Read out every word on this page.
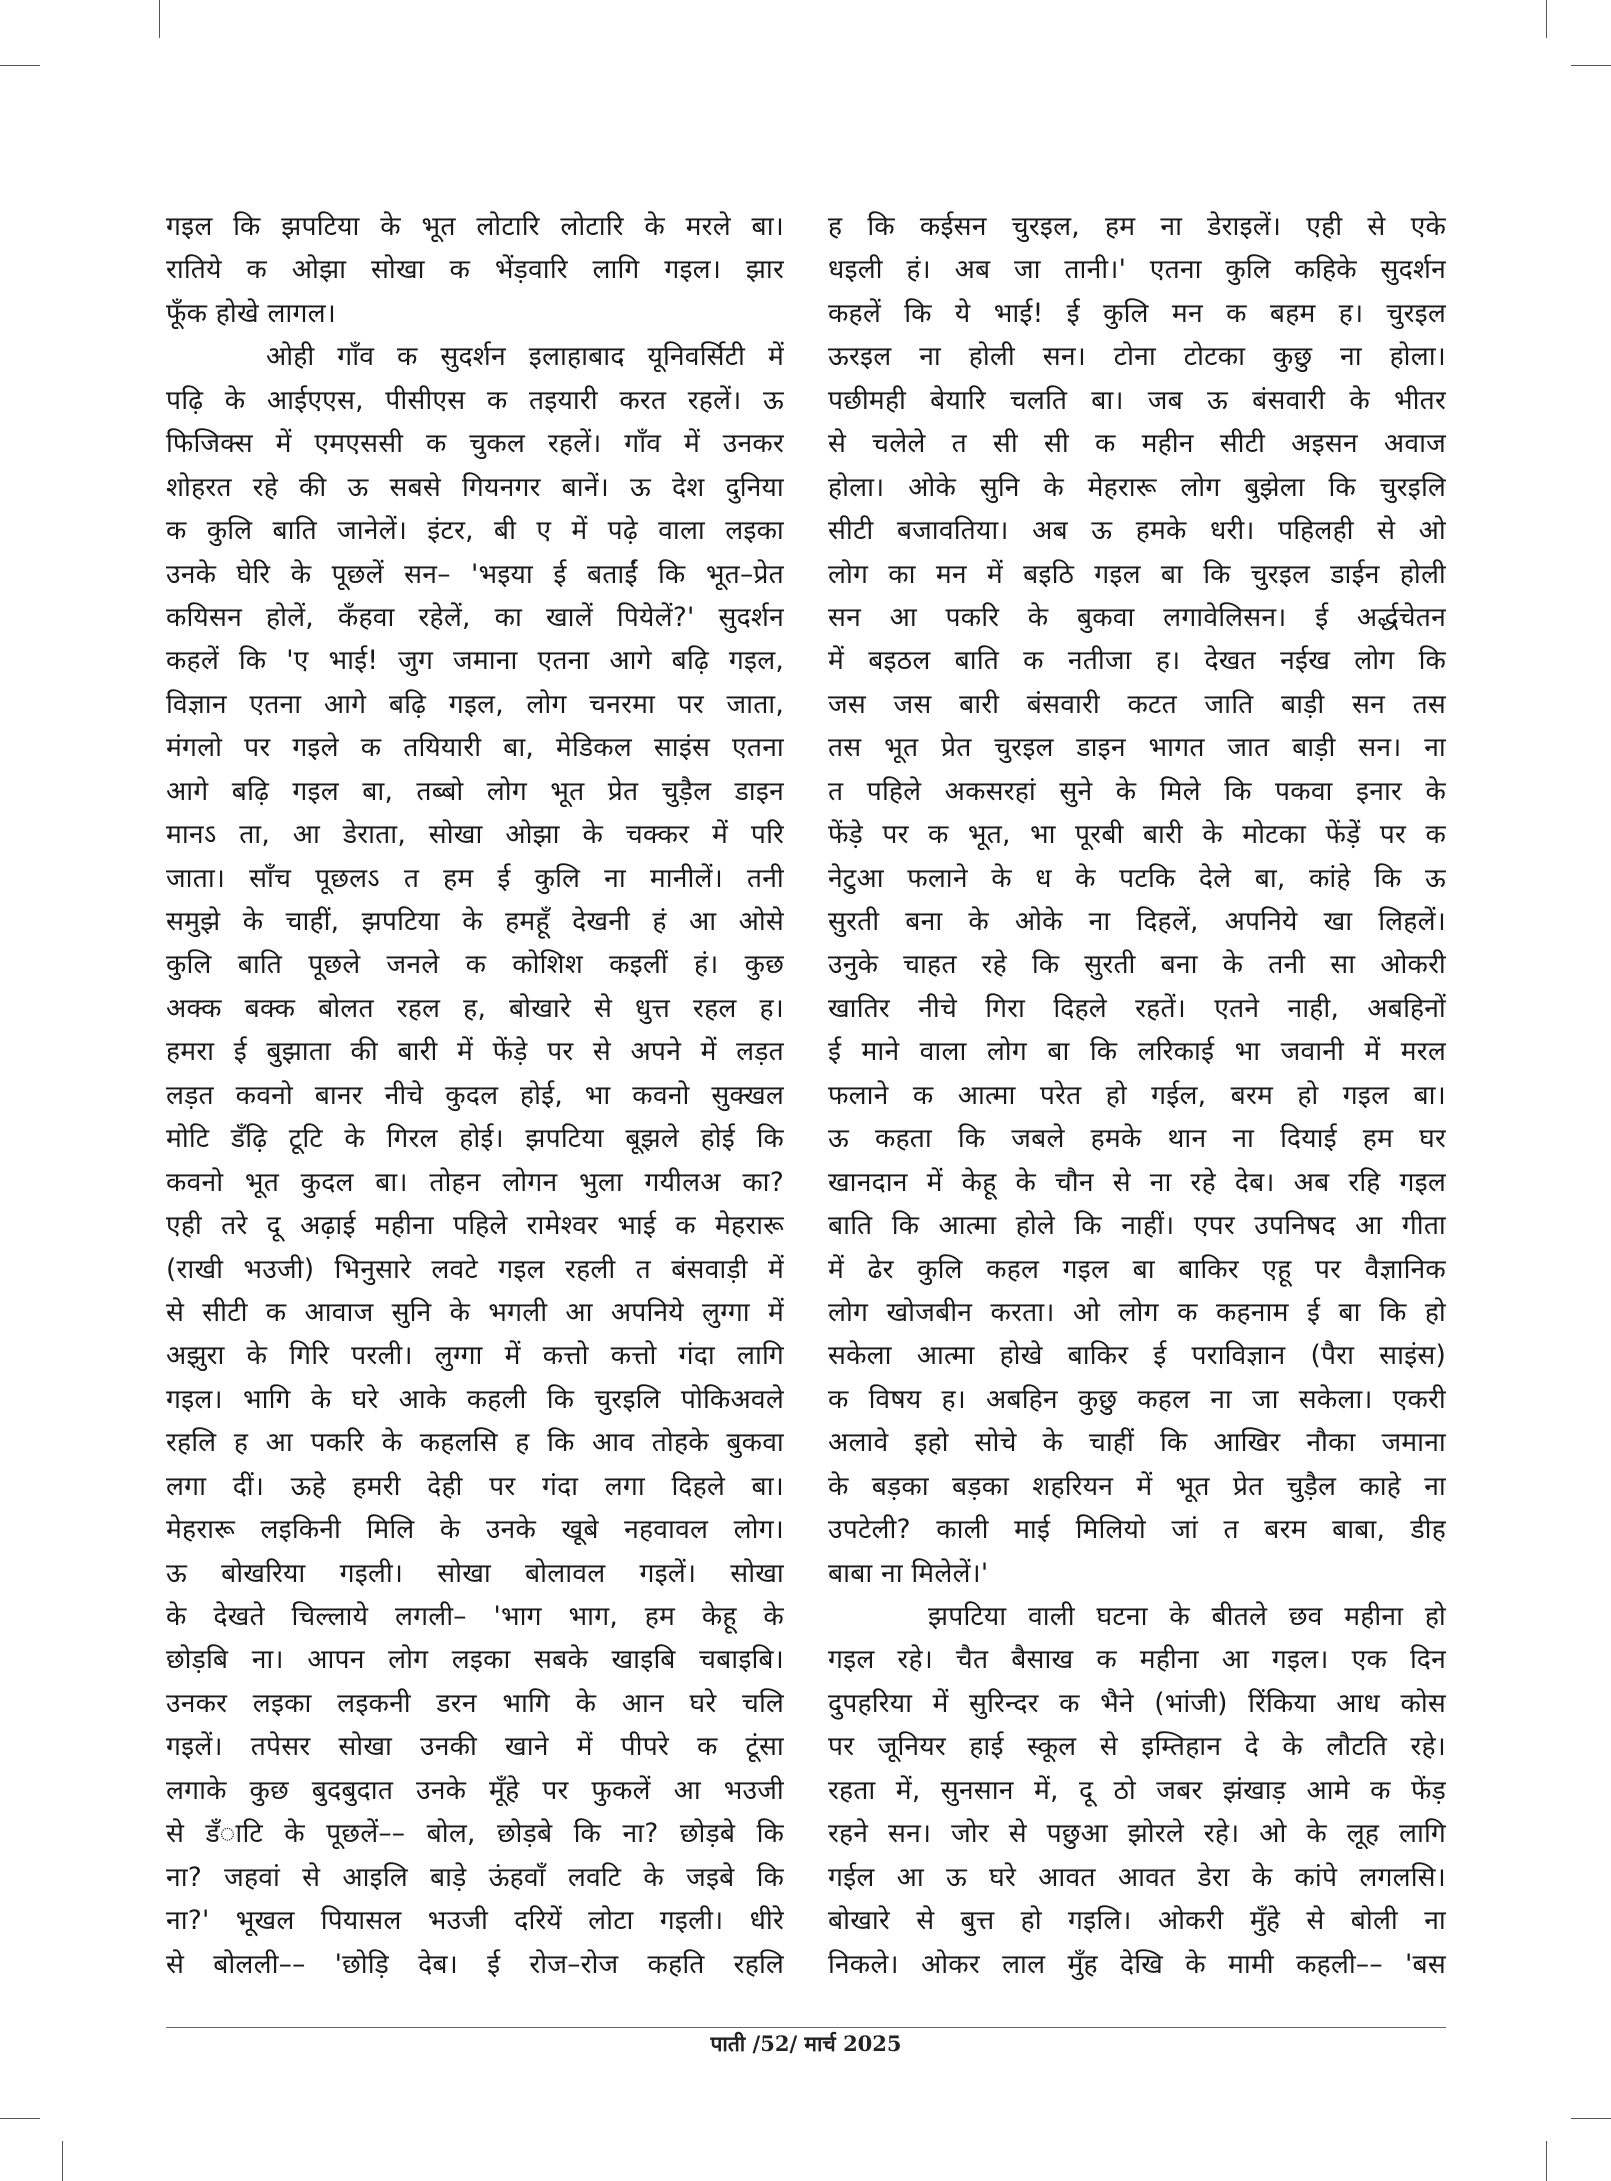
गइल कि झपटिया के भूत लोटारि लोटारि के मरले बा।
रातिये क ओझा सोखा क भेंड़वारि लागि गइल। झार
फूँक होखे लागल।
ओही गाँव क सुदर्शन इलाहाबाद यूनिवर्सिटी में
पढ़ि के आईएएस, पीसीएस क तइयारी करत रहलें। ऊ
फिजिक्स में एमएससी क चुकल रहलें। गाँव में उनकर
शोहरत रहे की ऊ सबसे गियनगर बानें। ऊ देश दुनिया
क कुलि बाति जानेलें। इंटर, बी ए में पढ़े वाला लइका
उनके घेरि के पूछलें सन– 'भइया ई बताईं कि भूत–प्रेत
कयिसन होलें, कँहवा रहेलें, का खालें पियेलें?' सुदर्शन
कहलें कि 'ए भाई! जुग जमाना एतना आगे बढ़ि गइल,
विज्ञान एतना आगे बढ़ि गइल, लोग चनरमा पर जाता,
मंगलो पर गइले क तयियारी बा, मेडिकल साइंस एतना
आगे बढ़ि गइल बा, तब्बो लोग भूत प्रेत चुड़ैल डाइन
मानऽ ता, आ डेराता, सोखा ओझा के चक्कर में परि
जाता। साँच पूछलऽ त हम ई कुलि ना मानीलें। तनी
समुझे के चाहीं, झपटिया के हमहूँ देखनी हं आ ओसे
कुलि बाति पूछले जनले क कोशिश कइलीं हं। कुछ
अक्क बक्क बोलत रहल ह, बोखारे से धुत्त रहल ह।
हमरा ई बुझाता की बारी में फेंड़े पर से अपने में लड़त
लड़त कवनो बानर नीचे कुदल होई, भा कवनो सुक्खल
मोटि डँढ़ि टूटि के गिरल होई। झपटिया बूझले होई कि
कवनो भूत कुदल बा। तोहन लोगन भुला गयीलअ का?
एही तरे दू अढ़ाई महीना पहिले रामेश्वर भाई क मेहरारू
(राखी भउजी) भिनुसारे लवटे गइल रहली त बंसवाड़ी में
से सीटी क आवाज सुनि के भगली आ अपनिये लुग्गा में
अझुरा के गिरि परली। लुग्गा में कत्तो कत्तो गंदा लागि
गइल। भागि के घरे आके कहली कि चुरइलि पोकिअवले
रहलि ह आ पकरि के कहलसि ह कि आव तोहके बुकवा
लगा दीं। ऊहे हमरी देही पर गंदा लगा दिहले बा।
मेहरारू लइकिनी मिलि के उनके खूबे नहवावल लोग।
ऊ बोखरिया गइली। सोखा बोलावल गइलें। सोखा
के देखते चिल्लाये लगली– 'भाग भाग, हम केहू के
छोड़बि ना। आपन लोग लइका सबके खाइबि चबाइबि।
उनकर लइका लइकनी डरन भागि के आन घरे चलि
गइलें। तपेसर सोखा उनकी खाने में पीपरे क टूंसा
लगाके कुछ बुदबुदात उनके मूँहे पर फुकलें आ भउजी
से डँाटि के पूछलें–– बोल, छोड़बे कि ना? छोड़बे कि
ना? जहवां से आइलि बाड़े ऊंहवाँ लवटि के जइबे कि
ना?' भूखल पियासल भउजी दरियें लोटा गइली। धीरे
से बोलली–– 'छोड़ि देब। ई रोज–रोज कहति रहलि
ह कि कईसन चुरइल, हम ना डेराइलें। एही से एके
धइली हं। अब जा तानी।' एतना कुलि कहिके सुदर्शन
कहलें कि ये भाई! ई कुलि मन क बहम ह। चुरइल
ऊरइल ना होली सन। टोना टोटका कुछु ना होला।
पछीमही बेयारि चलति बा। जब ऊ बंसवारी के भीतर
से चलेले त सी सी क महीन सीटी अइसन अवाज
होला। ओके सुनि के मेहरारू लोग बुझेला कि चुरइलि
सीटी बजावतिया। अब ऊ हमके धरी। पहिलही से ओ
लोग का मन में बइठि गइल बा कि चुरइल डाईन होली
सन आ पकरि के बुकवा लगावेलिसन। ई अर्द्धचेतन
में बइठल बाति क नतीजा ह। देखत नईख लोग कि
जस जस बारी बंसवारी कटत जाति बाड़ी सन तस
तस भूत प्रेत चुरइल डाइन भागत जात बाड़ी सन। ना
त पहिले अकसरहां सुने के मिले कि पकवा इनार के
फेंड़े पर क भूत, भा पूरबी बारी के मोटका फेंड़ें पर क
नेटुआ फलाने के ध के पटकि देले बा, कांहे कि ऊ
सुरती बना के ओके ना दिहलें, अपनिये खा लिहलें।
उनुके चाहत रहे कि सुरती बना के तनी सा ओकरी
खातिर नीचे गिरा दिहले रहतें। एतने नाही, अबहिनों
ई माने वाला लोग बा कि लरिकाई भा जवानी में मरल
फलाने क आत्मा परेत हो गईल, बरम हो गइल बा।
ऊ कहता कि जबले हमके थान ना दियाई हम घर
खानदान में केहू के चौन से ना रहे देब। अब रहि गइल
बाति कि आत्मा होले कि नाहीं। एपर उपनिषद आ गीता
में ढेर कुलि कहल गइल बा बाकिर एहू पर वैज्ञानिक
लोग खोजबीन करता। ओ लोग क कहनाम ई बा कि हो
सकेला आत्मा होखे बाकिर ई पराविज्ञान (पैरा साइंस)
क विषय ह। अबहिन कुछु कहल ना जा सकेला। एकरी
अलावे इहो सोचे के चाहीं कि आखिर नौका जमाना
के बड़का बड़का शहरियन में भूत प्रेत चुड़ैल काहे ना
उपटेली? काली माई मिलियो जां त बरम बाबा, डीह
बाबा ना मिलेलें।'
झपटिया वाली घटना के बीतले छव महीना हो
गइल रहे। चैत बैसाख क महीना आ गइल। एक दिन
दुपहरिया में सुरिन्दर क भैने (भांजी) रिंकिया आध कोस
पर जूनियर हाई स्कूल से इम्तिहान दे के लौटति रहे।
रहता में, सुनसान में, दू ठो जबर झंखाड़ आमे क फेंड़
रहने सन। जोर से पछुआ झोरले रहे। ओ के लूह लागि
गईल आ ऊ घरे आवत आवत डेरा के कांपे लगलसि।
बोखारे से बुत्त हो गइलि। ओकरी मुँहे से बोली ना
निकले। ओकर लाल मुँह देखि के मामी कहली–– 'बस
पाती /52/ मार्च 2025
